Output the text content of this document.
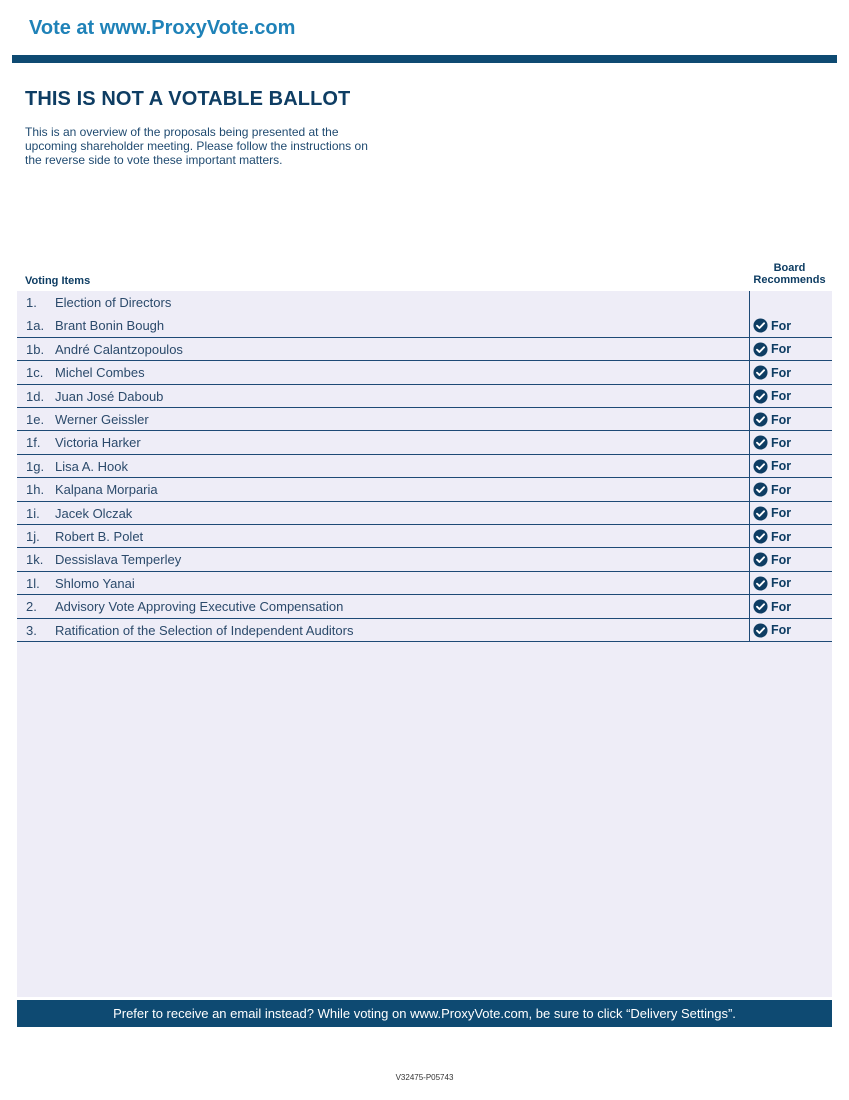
Vote at www.ProxyVote.com
THIS IS NOT A VOTABLE BALLOT
This is an overview of the proposals being presented at the
upcoming shareholder meeting. Please follow the instructions on
the reverse side to vote these important matters.
Voting Items
Board
Recommends
1. Election of Directors
1a. Brant Bonin Bough	For
1b. André Calantzopoulos	For
1c. Michel Combes	For
1d. Juan José Daboub	For
1e. Werner Geissler	For
1f. Victoria Harker	For
1g. Lisa A. Hook	For
1h. Kalpana Morparia	For
1i. Jacek Olczak	For
1j. Robert B. Polet	For
1k. Dessislava Temperley	For
1l. Shlomo Yanai	For
2. Advisory Vote Approving Executive Compensation	For
3. Ratification of the Selection of Independent Auditors	For
Prefer to receive an email instead? While voting on www.ProxyVote.com, be sure to click “Delivery Settings”.
V32475-P05743
